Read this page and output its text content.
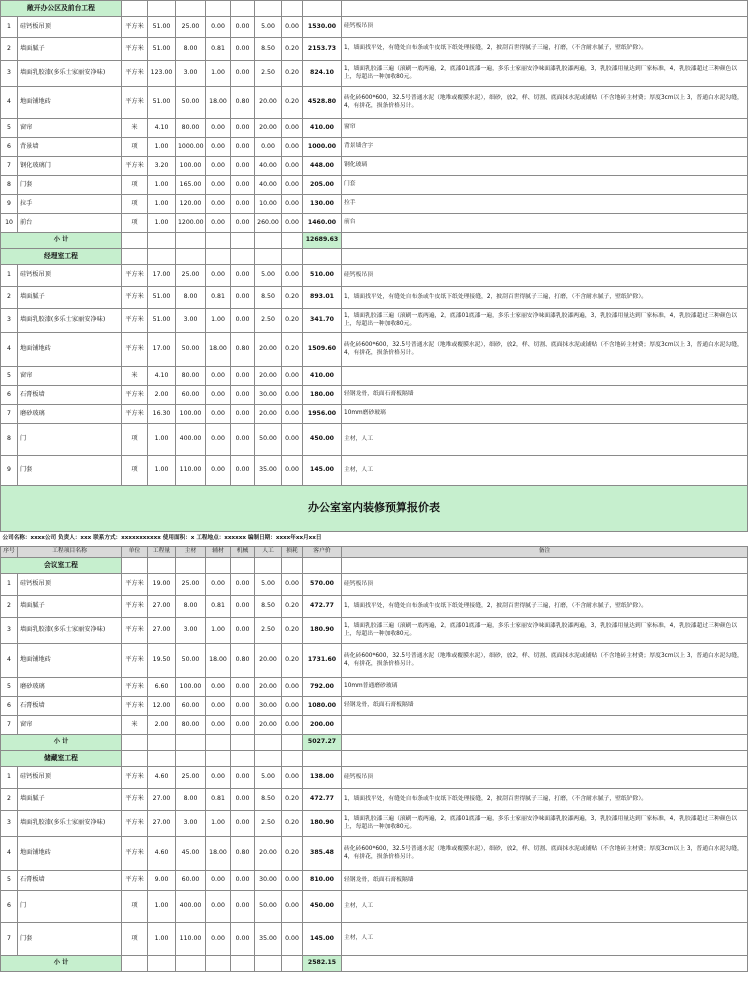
敞开办公区及前台工程										
1	硅钙板吊顶	平方米	51.00	25.00	0.00	0.00	5.00	0.00	1530.00	硅钙板吊顶
2	墙面腻子	平方米	51.00	8.00	0.81	0.00	8.50	0.20	2153.73	1，墙面找平处，有缝处自布条或牛皮纸下纸处理接缝，2，披刮百世得腻子三遍，打磨，（不含耐水腻子，壁纸铲除）。
3	墙面乳胶漆(多乐士家丽安净味)	平方米	123.00	3.00	1.00	0.00	2.50	0.20	824.10	1，墙面乳胶漆三遍（滚刷一底两遍，2，底漆01底漆一遍，多乐士家丽安净味面漆乳胶漆两遍，3，乳胶漆用量达到厂家标准，4，乳胶漆超过三种颜色以上，每超出一种加收80元。
4	地面铺地砖	平方米	51.00	50.00	18.00	0.80	20.00	0.20	4528.80	砖化砖600*600，32.5号普通水泥（地堆或覆膜水泥），细砂，放2，样、切割、底面抹水泥或铺贴（不含地砖主材费；厚度3cm以上 3，普通白水泥勾缝，4，有拼花，损条价格另计。
5	窗帘	米	4.10	80.00	0.00	0.00	20.00	0.00	410.00	窗帘
6	背景墙	项	1.00	1000.00	0.00	0.00	0.00	0.00	1000.00	背景墙含字
7	钢化玻璃门	平方米	3.20	100.00	0.00	0.00	40.00	0.00	448.00	钢化玻璃
8	门套	项	1.00	165.00	0.00	0.00	40.00	0.00	205.00	门套
9	拉手	项	1.00	120.00	0.00	0.00	10.00	0.00	130.00	拉手
10	前台	项	1.00	1200.00	0.00	0.00	260.00	0.00	1460.00	前台
小 计									12689.63	
经理室工程										
1	硅钙板吊顶	平方米	17.00	25.00	0.00	0.00	5.00	0.00	510.00	硅钙板吊顶
2	墙面腻子	平方米	51.00	8.00	0.81	0.00	8.50	0.20	893.01	1，墙面找平处，有缝处自布条或牛皮纸下纸处理接缝，2，披刮百世得腻子三遍，打磨，（不含耐水腻子，壁纸铲除）。
3	墙面乳胶漆(多乐士家丽安净味)	平方米	51.00	3.00	1.00	0.00	2.50	0.20	341.70	1，墙面乳胶漆三遍（滚刷一底两遍，2，底漆01底漆一遍，多乐士家丽安净味面漆乳胶漆两遍，3，乳胶漆用量达到厂家标准，4，乳胶漆超过三种颜色以上，每超出一种加收80元。
4	地面铺地砖	平方米	17.00	50.00	18.00	0.80	20.00	0.20	1509.60	砖化砖600*600，32.5号普通水泥（地堆或覆膜水泥），细砂，放2，样、切割、底面抹水泥或铺贴（不含地砖主材费；厚度3cm以上 3，普通白水泥勾缝，4，有拼花，损条价格另计。
5	窗帘	米	4.10	80.00	0.00	0.00	20.00	0.00	410.00	
6	石膏板墙	平方米	2.00	60.00	0.00	0.00	30.00	0.00	180.00	轻钢龙骨，纸面石膏板隔墙
7	磨砂玻璃	平方米	16.30	100.00	0.00	0.00	20.00	0.00	1956.00	10mm磨砂玻璃
8	门	项	1.00	400.00	0.00	0.00	50.00	0.00	450.00	主材，人工
9	门套	项	1.00	110.00	0.00	0.00	35.00	0.00	145.00	主材，人工
办公室室内装修预算报价表										
公司名称：xxxx公司 负责人：xxx 联系方式：xxxxxxxxxxx 使用面积：x 工程地点：xxxxxx 编制日期：xxxx年xx月xx日										
序号	工程项目名称	单位	工程量	主材	辅材	机械	人工	损耗	客户价	备注
会议室工程										
1	硅钙板吊顶	平方米	19.00	25.00	0.00	0.00	5.00	0.00	570.00	硅钙板吊顶
2	墙面腻子	平方米	27.00	8.00	0.81	0.00	8.50	0.20	472.77	1，墙面找平处，有缝处自布条或牛皮纸下纸处理接缝，2，披刮百世得腻子三遍，打磨，（不含耐水腻子，壁纸铲除）。
3	墙面乳胶漆(多乐士家丽安净味)	平方米	27.00	3.00	1.00	0.00	2.50	0.20	180.90	1，墙面乳胶漆三遍（滚刷一底两遍，2，底漆01底漆一遍，多乐士家丽安净味面漆乳胶漆两遍，3，乳胶漆用量达到厂家标准，4，乳胶漆超过三种颜色以上，每超出一种加收80元。
4	地面铺地砖	平方米	19.50	50.00	18.00	0.80	20.00	0.20	1731.60	砖化砖600*600，32.5号普通水泥（地堆或覆膜水泥），细砂，放2，样、切割、底面抹水泥或铺贴（不含地砖主材费；厚度3cm以上 3，普通白水泥勾缝，4，有拼花，损条价格另计。
5	磨砂玻璃	平方米	6.60	100.00	0.00	0.00	20.00	0.00	792.00	10mm普通磨砂玻璃
6	石膏板墙	平方米	12.00	60.00	0.00	0.00	30.00	0.00	1080.00	轻钢龙骨，纸面石膏板隔墙
7	窗帘	米	2.00	80.00	0.00	0.00	20.00	0.00	200.00	
小 计									5027.27	
储藏室工程										
1	硅钙板吊顶	平方米	4.60	25.00	0.00	0.00	5.00	0.00	138.00	硅钙板吊顶
2	墙面腻子	平方米	27.00	8.00	0.81	0.00	8.50	0.20	472.77	1，墙面找平处，有缝处自布条或牛皮纸下纸处理接缝，2，披刮百世得腻子三遍，打磨，（不含耐水腻子，壁纸铲除）。
3	墙面乳胶漆(多乐士家丽安净味)	平方米	27.00	3.00	1.00	0.00	2.50	0.20	180.90	1，墙面乳胶漆三遍（滚刷一底两遍，2，底漆01底漆一遍，多乐士家丽安净味面漆乳胶漆两遍，3，乳胶漆用量达到厂家标准，4，乳胶漆超过三种颜色以上，每超出一种加收80元。
4	地面铺地砖	平方米	4.60	45.00	18.00	0.80	20.00	0.20	385.48	砖化砖600*600，32.5号普通水泥（地堆或覆膜水泥），细砂，放2，样、切割、底面抹水泥或铺贴（不含地砖主材费；厚度3cm以上 3，普通白水泥勾缝，4，有拼花，损条价格另计。
5	石膏板墙	平方米	9.00	60.00	0.00	0.00	30.00	0.00	810.00	轻钢龙骨，纸面石膏板隔墙
6	门	项	1.00	400.00	0.00	0.00	50.00	0.00	450.00	主材，人工
7	门套	项	1.00	110.00	0.00	0.00	35.00	0.00	145.00	主材，人工
小 计									2582.15	
